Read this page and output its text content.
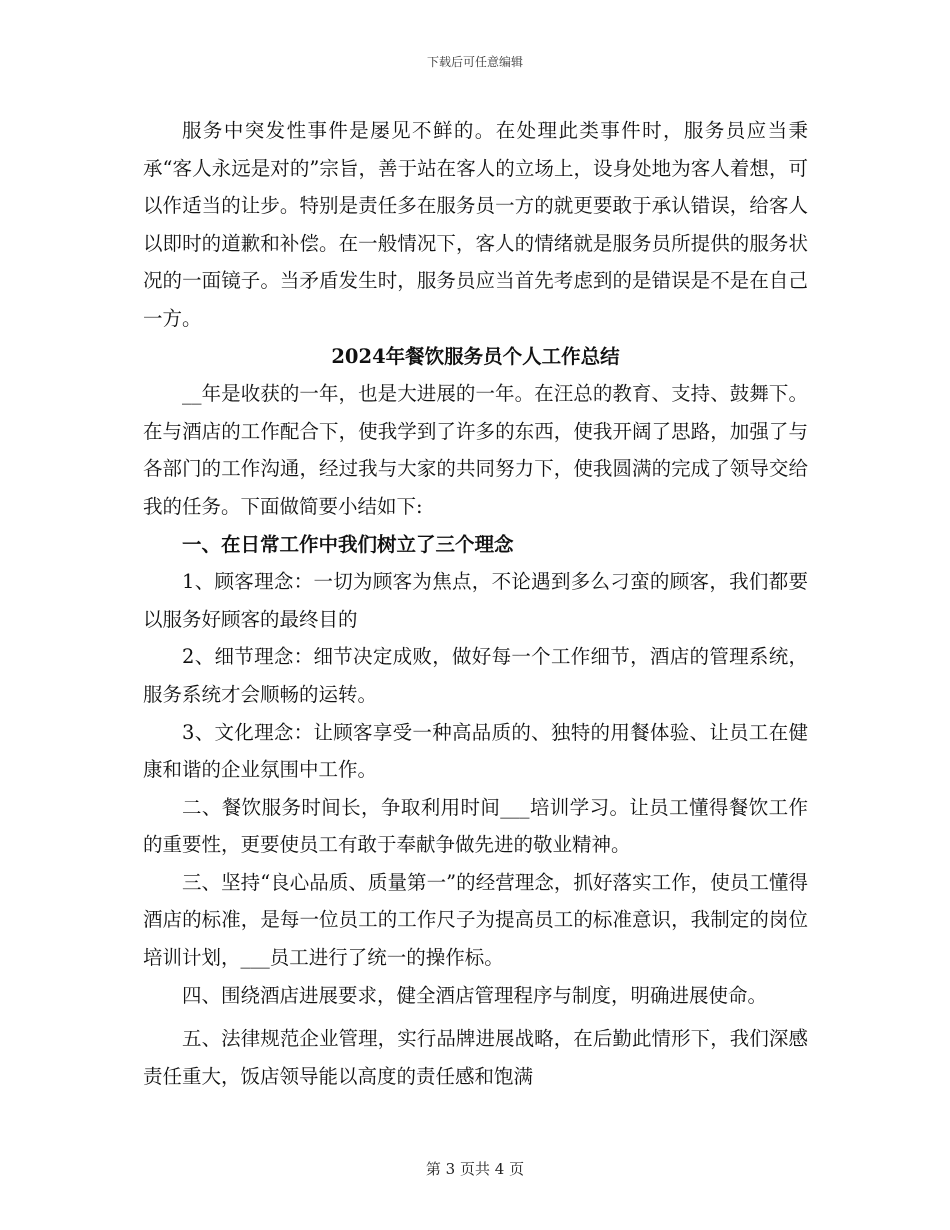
下载后可任意编辑

服务中突发性事件是屡见不鲜的。在处理此类事件时，服务员应当秉承“客人永远是对的”宗旨，善于站在客人的立场上，设身处地为客人着想，可以作适当的让步。特别是责任多在服务员一方的就更要敢于承认错误，给客人以即时的道歉和补偿。在一般情况下，客人的情绪就是服务员所提供的服务状况的一面镜子。当矛盾发生时，服务员应当首先考虑到的是错误是不是在自己一方。

2024年餐饮服务员个人工作总结

__年是收获的一年，也是大进展的一年。在汪总的教育、支持、鼓舞下。在与酒店的工作配合下，使我学到了许多的东西，使我开阔了思路，加强了与各部门的工作沟通，经过我与大家的共同努力下，使我圆满的完成了领导交给我的任务。下面做简要小结如下:

一、在日常工作中我们树立了三个理念

1、顾客理念：一切为顾客为焦点，不论遇到多么刁蛮的顾客，我们都要以服务好顾客的最终目的

2、细节理念：细节决定成败，做好每一个工作细节，酒店的管理系统，服务系统才会顺畅的运转。

3、文化理念：让顾客享受一种高品质的、独特的用餐体验、让员工在健康和谐的企业氛围中工作。

二、餐饮服务时间长，争取利用时间___培训学习。让员工懂得餐饮工作的重要性，更要使员工有敢于奉献争做先进的敬业精神。

三、坚持“良心品质、质量第一”的经营理念，抓好落实工作，使员工懂得酒店的标准，是每一位员工的工作尺子为提高员工的标准意识，我制定的岗位培训计划，___员工进行了统一的操作标。

四、围绕酒店进展要求，健全酒店管理程序与制度，明确进展使命。

五、法律规范企业管理，实行品牌进展战略，在后勤此情形下，我们深感责任重大，饭店领导能以高度的责任感和饱满

第 3 页共 4 页
